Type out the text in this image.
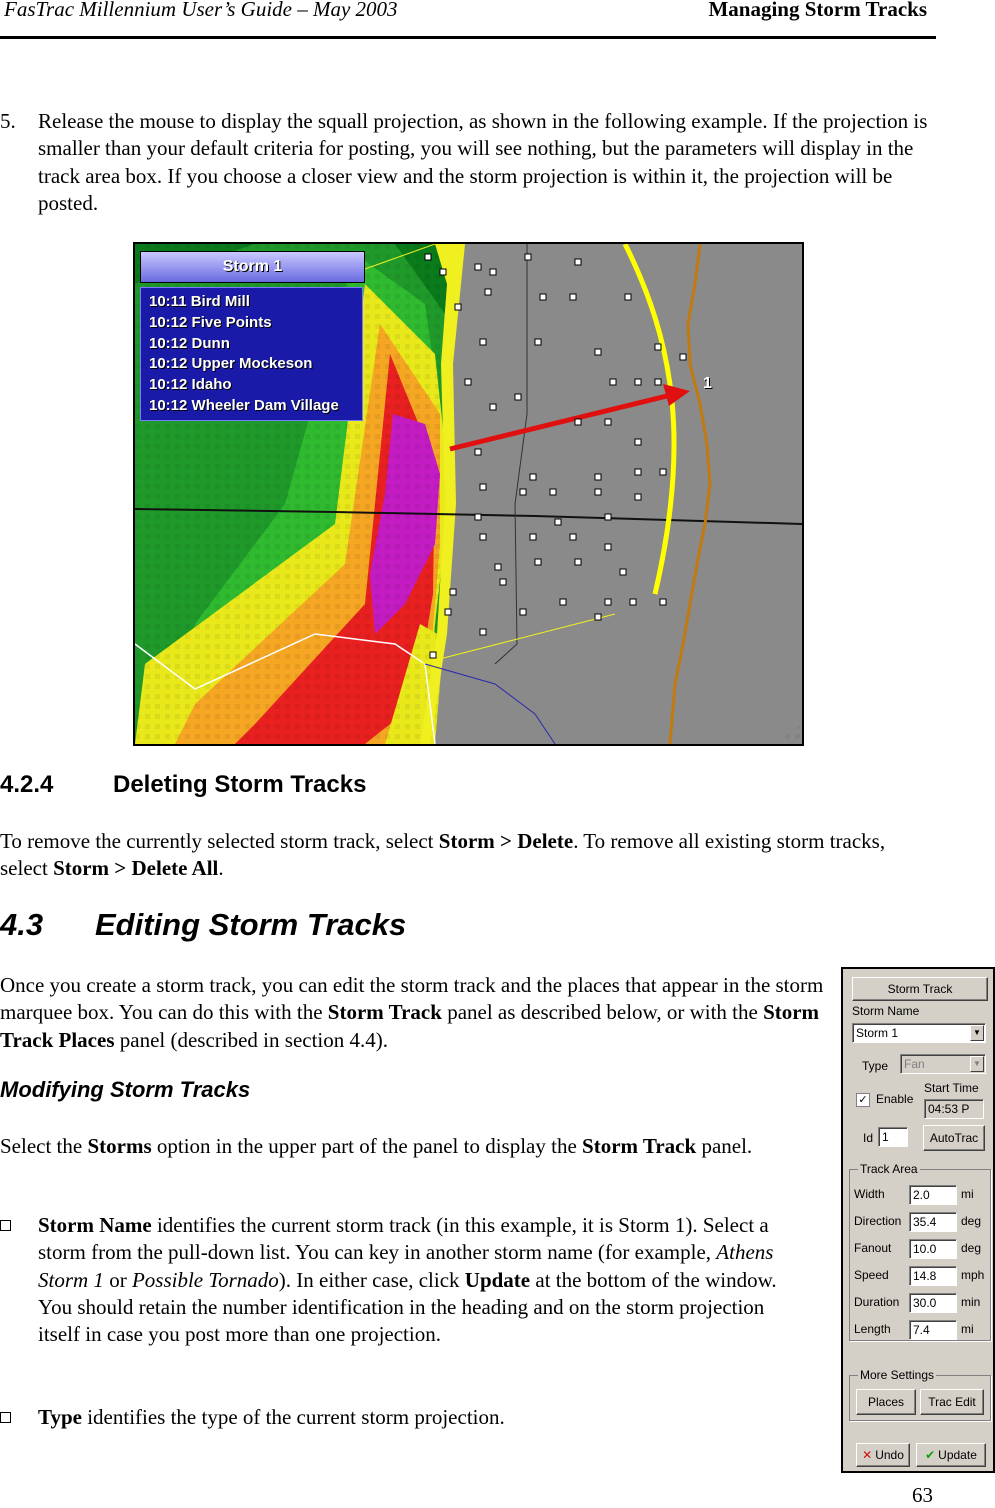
FasTrac Millennium User’s Guide – May 2003	Managing Storm Tracks
5. Release the mouse to display the squall projection, as shown in the following example. If the projection is smaller than your default criteria for posting, you will see nothing, but the parameters will display in the track area box. If you choose a closer view and the storm projection is within it, the projection will be posted.
Storm 1
10:11 Bird Mill
10:12 Five Points
10:12 Dunn
10:12 Upper Mockeson
10:12 Idaho
10:12 Wheeler Dam Village
1
4.2.4 Deleting Storm Tracks

To remove the currently selected storm track, select Storm > Delete. To remove all existing storm tracks, select Storm > Delete All.

4.3 Editing Storm Tracks

Once you create a storm track, you can edit the storm track and the places that appear in the storm marquee box. You can do this with the Storm Track panel as described below, or with the Storm Track Places panel (described in section 4.4).

Modifying Storm Tracks

Select the Storms option in the upper part of the panel to display the Storm Track panel.

Storm Name identifies the current storm track (in this example, it is Storm 1). Select a storm from the pull-down list. You can key in another storm name (for example, Athens Storm 1 or Possible Tornado). In either case, click Update at the bottom of the window. You should retain the number identification in the heading and on the storm projection itself in case you post more than one projection.
Type identifies the type of the current storm projection.
Storm Track
Storm Name
Storm 1	▼
Type	Fan	▼
✓ Enable
Start Time
04:53 P
Id 1	AutoTrac
Track Area
More Settings
Places	Trac Edit
✕ Undo ✔ Update
Width	2.0	mi
Direction 35.4	deg
Fanout	10.0	deg
Speed	14.8	mph
Duration	30.0	min
Length	7.4	mi
63
